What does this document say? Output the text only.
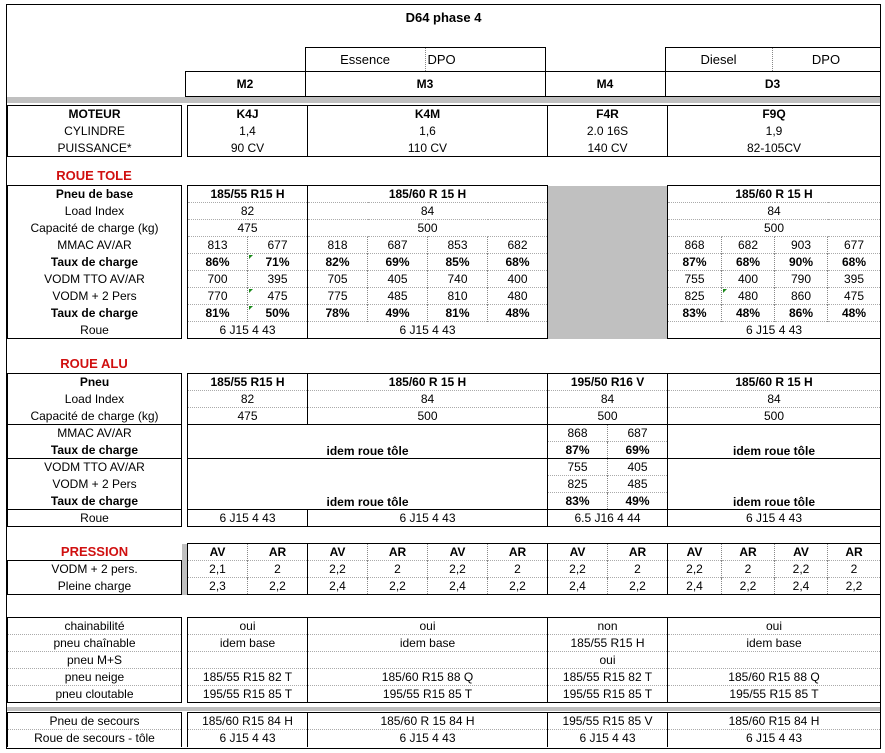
D64 phase 4						

		Essence	DPO		Diesel	DPO
	M2	M3		M4	D3	
MOTEUR		K4J	K4M	F4R	F9Q
CYLINDRE		1,4	1,6	2.0 16S	1,9
PUISSANCE*		90 CV	110 CV	140 CV	82-105CV
ROUE TOLE
Pneu de base		185/55 R15 H		185/60 R 15 H					185/60 R 15 H			
Load Index		82		84					84			
Capacité de charge (kg)		475		500					500			
MMAC AV/AR		813	677	818	687	853	682		868	682	903	677
Taux de charge		86%	71%	82%	69%	85%	68%		87%	68%	90%	68%
VODM TTO AV/AR		700	395	705	405	740	400		755	400	790	395
VODM + 2 Pers		770	475	775	485	810	480		825	480	860	475
Taux de charge		81%	50%	78%	49%	81%	48%		83%	48%	86%	48%
Roue		6 J15 4 43		6 J15 4 43					6 J15 4 43			
ROUE ALU
Pneu		185/55 R15 H	185/60 R 15 H	195/50 R16 V		185/60 R 15 H
Load Index		82	84	84		84
Capacité de charge (kg)		475	500	500		500
MMAC AV/AR		idem roue tôle		868	687	idem roue tôle
Taux de charge				87%	69%	
VODM TTO AV/AR		idem roue tôle		755	405	idem roue tôle
VODM + 2 Pers				825	485	
Taux de charge				83%	49%	
Roue		6 J15 4 43	6 J15 4 43	6.5 J16 4 44		6 J15 4 43
PRESSION		AV	AR	AV	AR	AV	AR	AV	AR	AV	AR	AV	AR
VODM + 2 pers.		2,1	2	2,2	2	2,2	2	2,2	2	2,2	2	2,2	2
Pleine charge		2,3	2,2	2,4	2,2	2,4	2,2	2,4	2,2	2,4	2,2	2,4	2,2
chainabilité		oui	oui	non	oui
pneu chaînable		idem base	idem base	185/55 R15 H	idem base
pneu M+S				oui	
pneu neige		185/55 R15 82 T	185/60 R15 88 Q	185/55 R15 82 T	185/60 R15 88 Q
pneu cloutable		195/55 R15 85 T	195/55 R15 85 T	195/55 R15 85 T	195/55 R15 85 T
Pneu de secours		185/60 R15 84 H	185/60 R 15 84 H	195/55 R15 85 V	185/60 R15 84 H
Roue de secours - tôle		6 J15 4 43	6 J15 4 43	6 J15 4 43	6 J15 4 43
